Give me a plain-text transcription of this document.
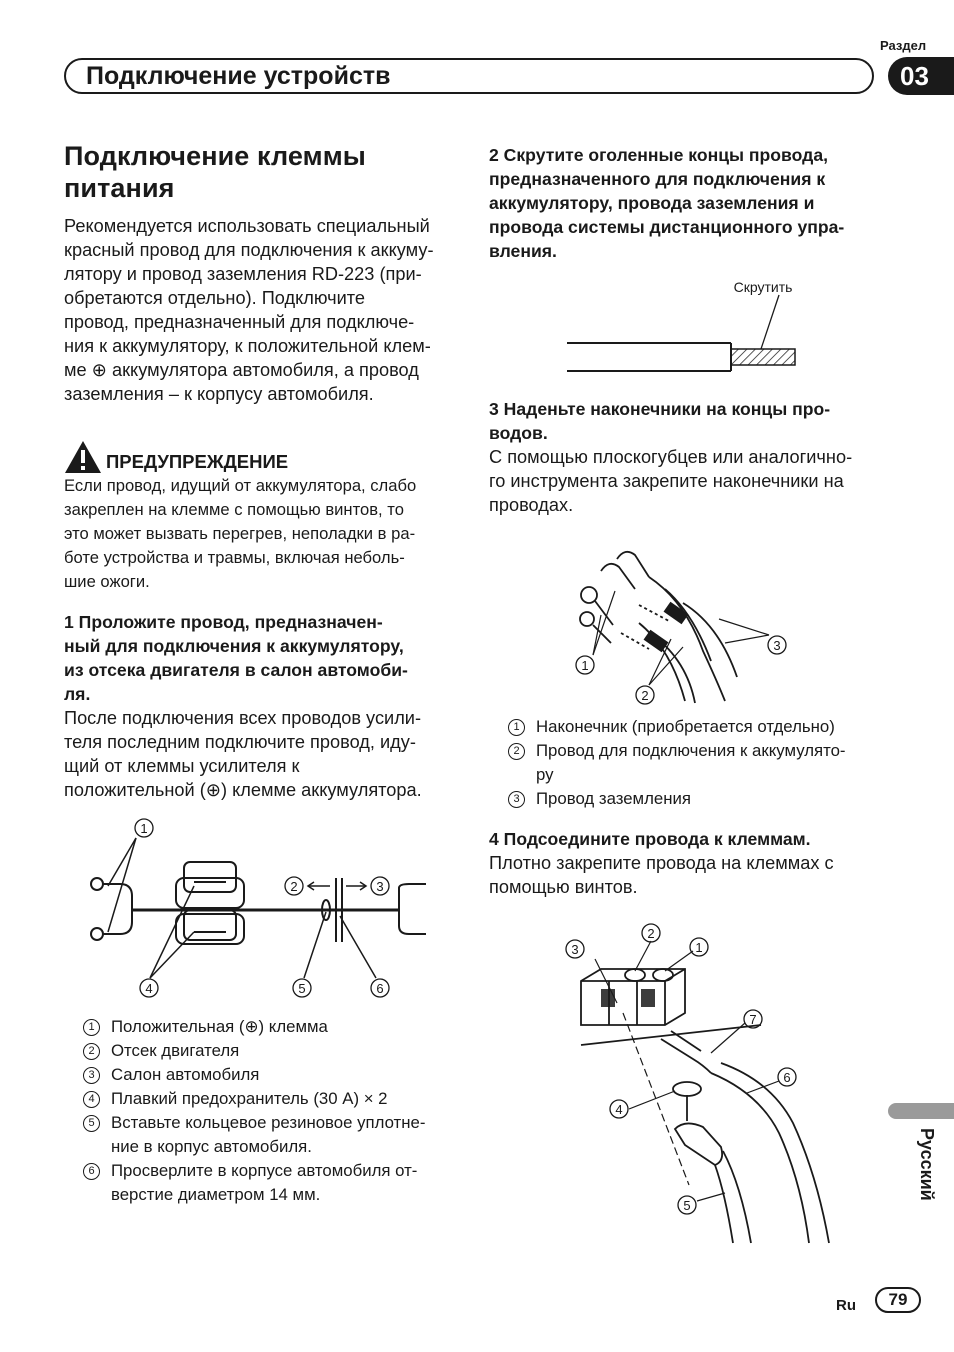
Подключение устройств
Раздел
03
Подключение клеммы
питания

Рекомендуется использовать специальный

красный провод для подключения к аккуму-

лятору и провод заземления RD-223 (при-

обретаются отдельно). Подключите

провод, предназначенный для подключе-

ния к аккумулятору, к положительной клем-

ме ⊕ аккумулятора автомобиля, а провод

заземления – к корпусу автомобиля.

ПРЕДУПРЕЖДЕНИЕ

Если провод, идущий от аккумулятора, слабо

закреплен на клемме с помощью винтов, то

это может вызвать перегрев, неполадки в ра-

боте устройства и травмы, включая неболь-

шие ожоги.

1 Проложите провод, предназначен-

ный для подключения к аккумулятору,

из отсека двигателя в салон автомоби-

ля.

После подключения всех проводов усили-

теля последним подключите провод, иду-

щий от клеммы усилителя к

положительной (⊕) клемме аккумулятора.

1
2	3
4	5	6
1 Положительная (⊕) клемма
2 Отсек двигателя
3 Салон автомобиля
4 Плавкий предохранитель (30 А) × 2
5 Вставьте кольцевое резиновое уплотне-
ние в корпус автомобиля.
6 Просверлите в корпусе автомобиля от-
верстие диаметром 14 мм.

2 Скрутите оголенные концы провода,

предназначенного для подключения к

аккумулятору, провода заземления и

провода системы дистанционного упра-

вления.

Скрутить

3 Наденьте наконечники на концы про-

водов.

С помощью плоскогубцев или аналогично-

го инструмента закрепите наконечники на

проводах.

1
2
3
1 Наконечник (приобретается отдельно)
2 Провод для подключения к аккумулято-
ру
3 Провод заземления

4 Подсоедините провода к клеммам.

Плотно закрепите провода на клеммах с

помощью винтов.

3
2
1
7
6
4
5
Русский
Ru	79
